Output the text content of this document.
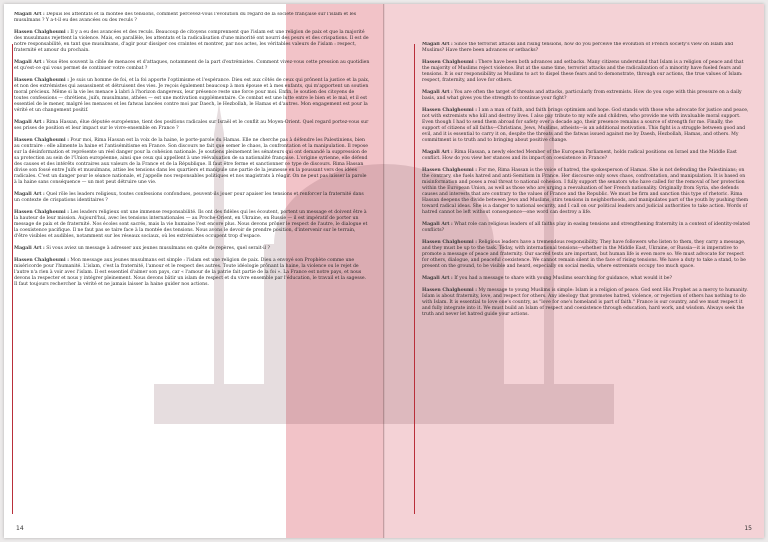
Magali Art : Depuis les attentats et la montée des tensions, comment percevez-vous l'évolution du regard de la société française sur l'islam et les musulmans ? Y a-t-il eu des avancées ou des reculs ?

Hassen Chalghoumi : Il y a eu des avancées et des reculs. Beaucoup de citoyens comprennent que l'islam est une religion de paix et que la majorité des musulmans rejettent la violence. Mais, en parallèle, les attentats et la radicalisation d'une minorité ont nourri des peurs et des crispations. Il est de notre responsabilité, en tant que musulmans, d'agir pour dissiper ces craintes et montrer, par nos actes, les véritables valeurs de l'islam : respect, fraternité et amour du prochain.

Magali Art : Vous êtes souvent la cible de menaces et d'attaques, notamment de la part d'extrémistes. Comment vivez-vous cette pression au quotidien et qu'est-ce qui vous permet de continuer votre combat ?

Hassen Chalghoumi : Je suis un homme de foi, et la foi apporte l'optimisme et l'espérance. Dieu est aux côtés de ceux qui prônent la justice et la paix, et non des extrémistes qui assassinent et détruisent des vies. Je reçois également beaucoup à mon épouse et à mes enfants, qui m'apportent un soutien moral précieux. Même si la vie les menace à labri à l'horizon dangereux, leur présence reste une force pour moi. Enfin, le soutien des citoyens de toutes confessions — chrétiens, juifs, musulmans, athées — est une motivation supplémentaire. Ce combat est une lutte entre le bien et le mal, et il est essentiel de le mener, malgré les menaces et les fatwas lancées contre moi par Daech, le Hezbollah, le Hamas et d'autres. Mon engagement est pour la vérité et un changement positif.

Magali Art : Rima Hassan, élue députée européenne, tient des positions radicales sur Israël et le conflit au Moyen-Orient. Quel regard portez-vous sur ses prises de position et leur impact sur le vivre-ensemble en France ?

Hassen Chalghoumi : Pour moi, Rima Hassan est la voix de la haine, le porte-parole du Hamas. Elle ne cherche pas à défendre les Palestiniens, bien au contraire : elle alimente la haine et l'antisémitisme en France. Son discours ne fait que semer le chaos, la confrontation et la manipulation. Il repose sur la désinformation et représente un réel danger pour la cohésion nationale. Je soutiens pleinement les sénateurs qui ont demandé la suppression de sa protection au sein de l'Union européenne, ainsi que ceux qui appellent à une réévaluation de sa nationalité française. L'origine syrienne, elle défend des causes et des intérêts contraires aux valeurs de la France et de la République. Il faut être ferme et sanctionner ce type de discours. Rima Hassan divise son fossé entre Juifs et musulmans, attise les tensions dans les quartiers et manipule une partie de la jeunesse en la poussant vers des idées radicales. C'est un danger pour le séance nationale, et j'appelle nos responsables politiques et nos magistrats à réagir. On ne peut pas laisser la parole à la haine sans conséquence — un mot peut détruire une vie.

Magali Art : Quel rôle les leaders religieux, toutes confessions confondues, peuvent-ils jouer pour apaiser les tensions et renforcer la fraternité dans un contexte de crispations identitaires ?

Hassen Chalghoumi : Les leaders religieux ont une immense responsabilité. Ils ont des fidèles qui les écoutent, portent un message et doivent être à la hauteur de leur mission. Aujourd'hui, avec les tensions internationales — au Proche-Orient, en Ukraine, en Russie — il est impératif de porter un message de paix et de fraternité. Nos écoles sont sacrés, mais la vie humaine l'est encore plus. Nous devons prôner le respect de l'autre, le dialogue et la coexistence pacifique. Il ne faut pas se taire face à la montée des tensions. Nous avons le devoir de prendre position, d'intervenir sur le terrain, d'être visibles et audibles, notamment sur les réseaux sociaux, où les extrémistes occupent trop d'espace.

Magali Art : Si vous aviez un message à adresser aux jeunes musulmans en quête de repères, quel serait-il ?

Hassen Chalghoumi : Mon message aux jeunes musulmans est simple : l'islam est une religion de paix. Dieu a envoyé son Prophète comme une miséricorde pour l'humanité. L'islam, c'est la fraternité, l'amour et le respect des autres. Toute idéologie prônant la haine, la violence ou le rejet de l'autre n'a rien à voir avec l'islam. Il est essentiel d'aimer son pays, car « l'amour de la patrie fait partie de la foi ». La France est notre pays, et nous devons la respecter et nous y intégrer pleinement. Nous devons bâtir un islam de respect et du vivre ensemble par l'éducation, le travail et la sagesse. Il faut toujours rechercher la vérité et ne jamais laisser la haine guider nos actions.

Magali Art : Since the terrorist attacks and rising tensions, how do you perceive the evolution of French society's view on Islam and Muslims? Have there been advances or setbacks?

Hassen Chalghoumi : There have been both advances and setbacks. Many citizens understand that Islam is a religion of peace and that the majority of Muslims reject violence. But at the same time, terrorist attacks and the radicalization of a minority have fueled fears and tensions. It is our responsibility as Muslims to act to dispel these fears and to demonstrate, through our actions, the true values of Islam: respect, fraternity, and love for others.

Magali Art : You are often the target of threats and attacks, particularly from extremists. How do you cope with this pressure on a daily basis, and what gives you the strength to continue your fight?

Hassen Chalghoumi : I am a man of faith, and faith brings optimism and hope. God stands with those who advocate for justice and peace, not with extremists who kill and destroy lives. I also pay tribute to my wife and children, who provide me with invaluable moral support. Even though I had to send them abroad for safety over a decade ago, their presence remains a source of strength for me. Finally, the support of citizens of all faiths—Christians, Jews, Muslims, atheists—is an additional motivation. This fight is a struggle between good and evil, and it is essential to carry it on, despite the threats and the fatwas issued against me by Daesh, Hezbollah, Hamas, and others. My commitment is to truth and to bringing about positive change.

Magali Art : Rima Hassan, a newly elected Member of the European Parliament, holds radical positions on Israel and the Middle East conflict. How do you view her stances and its impact on coexistence in France?

Hassen Chalghoumi : For me, Rima Hassan is the voice of hatred, the spokesperson of Hamas. She is not defending the Palestinians; on the contrary, she fuels hatred and anti-Semitism in France. Her discourse only sows chaos, confrontation, and manipulation. It is based on misinformation and poses a real threat to national cohesion. I fully support the senators who have called for the removal of her protection within the European Union, as well as those who are urging a reevaluation of her French nationality. Originally from Syria, she defends causes and interests that are contrary to the values of France and the Republic. We must be firm and sanction this type of rhetoric. Rima Hassan deepens the divide between Jews and Muslims, stirs tensions in neighborhoods, and manipulates part of the youth by pushing them toward radical ideas. She is a danger to national security, and I call on our political leaders and judicial authorities to take action. Words of hatred cannot be left without consequence—one word can destroy a life.

Magali Art : What role can religious leaders of all faiths play in easing tensions and strengthening fraternity in a context of identity-related conflicts?

Hassen Chalghoumi : Religious leaders have a tremendous responsibility. They have followers who listen to them, they carry a message, and they must be up to the task. Today, with international tensions—whether in the Middle East, Ukraine, or Russia—it is imperative to promote a message of peace and fraternity. Our sacred texts are important, but human life is even more so. We must advocate for respect for others, dialogue, and peaceful coexistence. We cannot remain silent in the face of rising tensions. We have a duty to take a stand, to be present on the ground, to be visible and heard, especially on social media, where extremists occupy too much space.

Magali Art : If you had a message to share with young Muslims searching for guidance, what would it be?

Hassen Chalghoumi : My message to young Muslims is simple: Islam is a religion of peace. God sent His Prophet as a mercy to humanity. Islam is about fraternity, love, and respect for others. Any ideology that promotes hatred, violence, or rejection of others has nothing to do with Islam. It is essential to love one's country, as "love for one's homeland is part of faith." France is our country, and we must respect it and fully integrate into it. We must build an Islam of respect and coexistence through education, hard work, and wisdom. Always seek the truth and never let hatred guide your actions.

14	15
